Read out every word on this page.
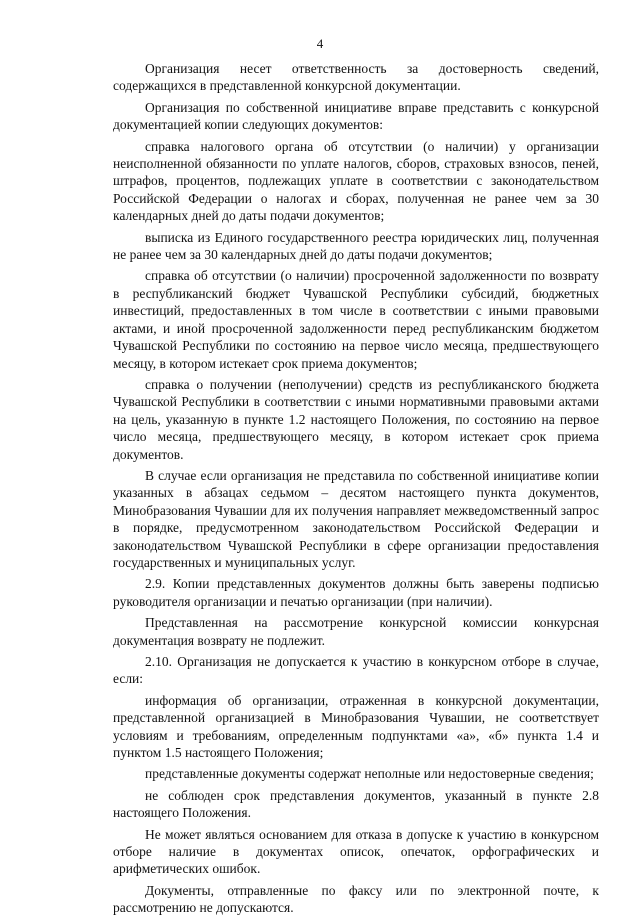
4

Организация несет ответственность за достоверность сведений, содержащихся в представленной конкурсной документации.

Организация по собственной инициативе вправе представить с конкурсной документацией копии следующих документов:

справка налогового органа об отсутствии (о наличии) у организации неисполненной обязанности по уплате налогов, сборов, страховых взносов, пеней, штрафов, процентов, подлежащих уплате в соответствии с законодательством Российской Федерации о налогах и сборах, полученная не ранее чем за 30 календарных дней до даты подачи документов;

выписка из Единого государственного реестра юридических лиц, полученная не ранее чем за 30 календарных дней до даты подачи документов;

справка об отсутствии (о наличии) просроченной задолженности по возврату в республиканский бюджет Чувашской Республики субсидий, бюджетных инвестиций, предоставленных в том числе в соответствии с иными правовыми актами, и иной просроченной задолженности перед республиканским бюджетом Чувашской Республики по состоянию на первое число месяца, предшествующего месяцу, в котором истекает срок приема документов;

справка о получении (неполучении) средств из республиканского бюджета Чувашской Республики в соответствии с иными нормативными правовыми актами на цель, указанную в пункте 1.2 настоящего Положения, по состоянию на первое число месяца, предшествующего месяцу, в котором истекает срок приема документов.

В случае если организация не представила по собственной инициативе копии указанных в абзацах седьмом – десятом настоящего пункта документов, Минобразования Чувашии для их получения направляет межведомственный запрос в порядке, предусмотренном законодательством Российской Федерации и законодательством Чувашской Республики в сфере организации предоставления государственных и муниципальных услуг.

2.9. Копии представленных документов должны быть заверены подписью руководителя организации и печатью организации (при наличии).

Представленная на рассмотрение конкурсной комиссии конкурсная документация возврату не подлежит.

2.10. Организация не допускается к участию в конкурсном отборе в случае, если:

информация об организации, отраженная в конкурсной документации, представленной организацией в Минобразования Чувашии, не соответствует условиям и требованиям, определенным подпунктами «а», «б» пункта 1.4 и пунктом 1.5 настоящего Положения;

представленные документы содержат неполные или недостоверные сведения;

не соблюден срок представления документов, указанный в пункте 2.8 настоящего Положения.

Не может являться основанием для отказа в допуске к участию в конкурсном отборе наличие в документах описок, опечаток, орфографических и арифметических ошибок.

Документы, отправленные по факсу или по электронной почте, к рассмотрению не допускаются.
